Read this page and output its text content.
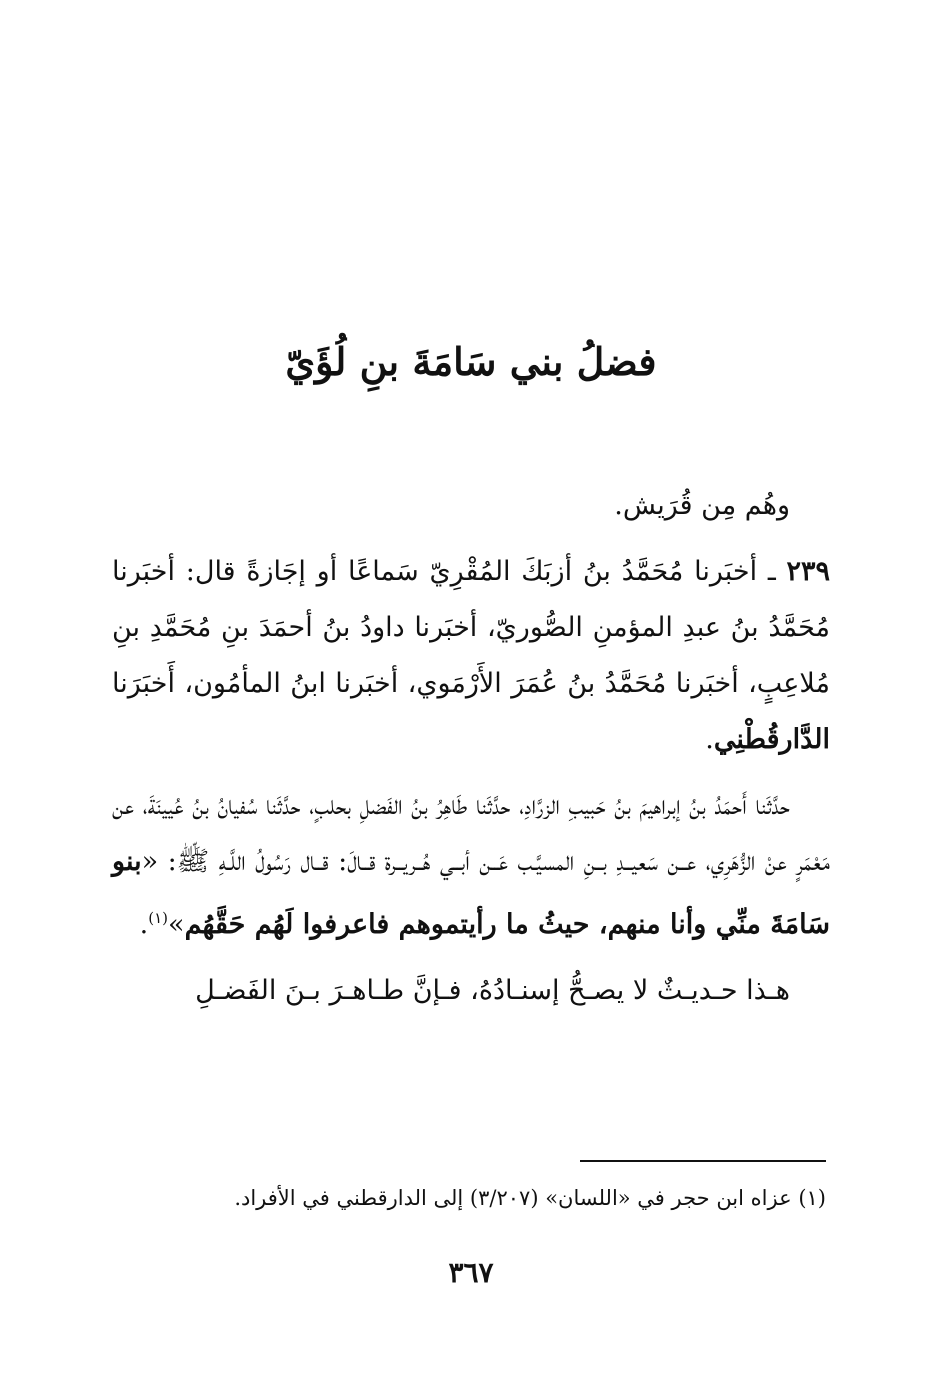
فضلُ بني سَامَةَ بنِ لُؤَيّ

وهُم مِن قُرَيش.

٢٣٩ ـ أخبَرنا مُحَمَّدُ بنُ أزبَكَ المُقْرِيّ سَماعًا أو إجَازةً قال: أخبَرنا مُحَمَّدُ بنُ عبدِ المؤمنِ الصُّوريّ، أخبَرنا داودُ بنُ أحمَدَ بنِ مُحَمَّدِ بنِ مُلاعِبٍ، أخبَرنا مُحَمَّدُ بنُ عُمَرَ الأَرْمَوي، أخبَرنا ابنُ المأمُون، أَخبَرَنا الدَّارقُطْنِي.

حدَّثَنا أَحمَدُ بنُ إبراهيمَ بنُ حَبيبِ الزرَّادِ، حدَّثَنا طَاهِرُ بنُ الفَضلِ بحلبٍ، حدَّثَنا سُفيانُ بنُ عُيينَةَ، عن مَعْمَرٍ عنْ الزُّهَرِي، عــن سَعيــدِ بــنِ المسيَّـب عَــن أبــي هُــريــرة قــالَ: قــال رَسُولُ اللَّـهِ ﷺ: «بنو سَامَةَ منِّي وأنا منهم، حيثُ ما رأيتموهم فاعرفوا لَهُم حَقَّهُم»$^{(١)}$.

هـذا حـديـثٌ لا يصـحُّ إسنـادُهُ، فـإنَّ طـاهـرَ بـنَ الفَضـلِ

(١) عزاه ابن حجر في «اللسان» (٣/٢٠٧) إلى الدارقطني في الأفراد.

٣٦٧
